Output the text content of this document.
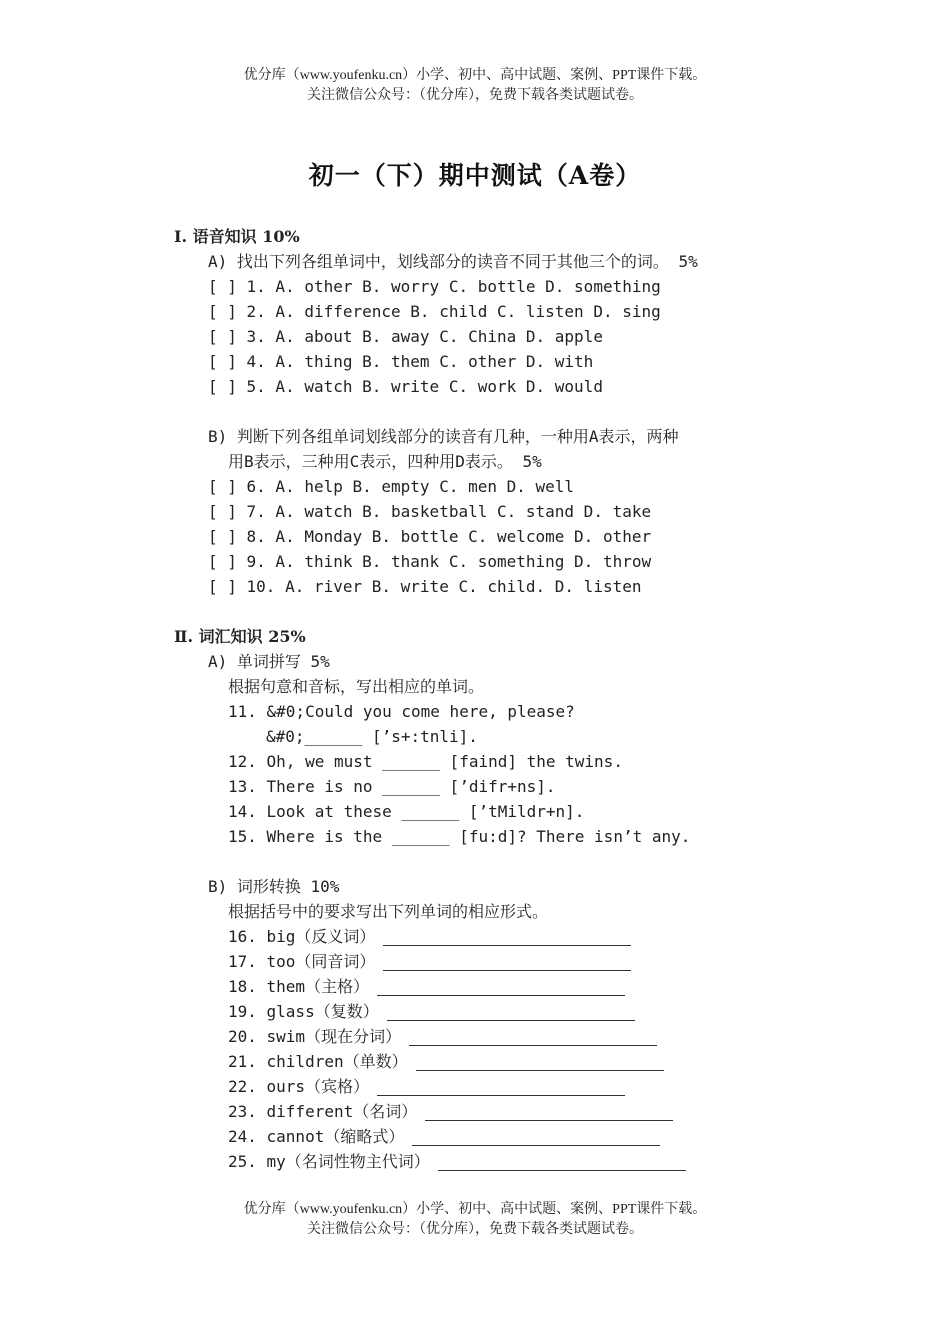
优分库（www.youfenku.cn）小学、初中、高中试题、案例、PPT课件下载。
关注微信公众号：（优分库），免费下载各类试题试卷。
初一（下）期中测试（A卷）
Ⅰ. 语音知识 10%
A) 找出下列各组单词中，划线部分的读音不同于其他三个的词。 5%
[ ] 1. A. other B. worry C. bottle D. something
[ ] 2. A. difference B. child C. listen D. sing
[ ] 3. A. about B. away C. China D. apple
[ ] 4. A. thing B. them C. other D. with
[ ] 5. A. watch B. write C. work D. would
B) 判断下列各组单词划线部分的读音有几种，一种用A表示，两种
用B表示，三种用C表示，四种用D表示。 5%
[ ] 6. A. help B. empty C. men D. well
[ ] 7. A. watch B. basketball C. stand D. take
[ ] 8. A. Monday B. bottle C. welcome D. other
[ ] 9. A. think B. thank C. something D. throw
[ ] 10. A. river B. write C. child. D. listen
Ⅱ. 词汇知识 25%
A) 单词拼写 5%
根据句意和音标，写出相应的单词。
11. &#0;Could you come here, please?
&#0;______ [’s+:tnli].
12. Oh, we must ______ [faind] the twins.
13. There is no ______ [’difr+ns].
14. Look at these ______ [’tMildr+n].
15. Where is the ______ [fu:d]? There isn’t any.
B) 词形转换 10%
根据括号中的要求写出下列单词的相应形式。
16. big（反义词）
17. too（同音词）
18. them（主格）
19. glass（复数）
20. swim（现在分词）
21. children（单数）
22. ours（宾格）
23. different（名词）
24. cannot（缩略式）
25. my（名词性物主代词）
优分库（www.youfenku.cn）小学、初中、高中试题、案例、PPT课件下载。
关注微信公众号：（优分库），免费下载各类试题试卷。
